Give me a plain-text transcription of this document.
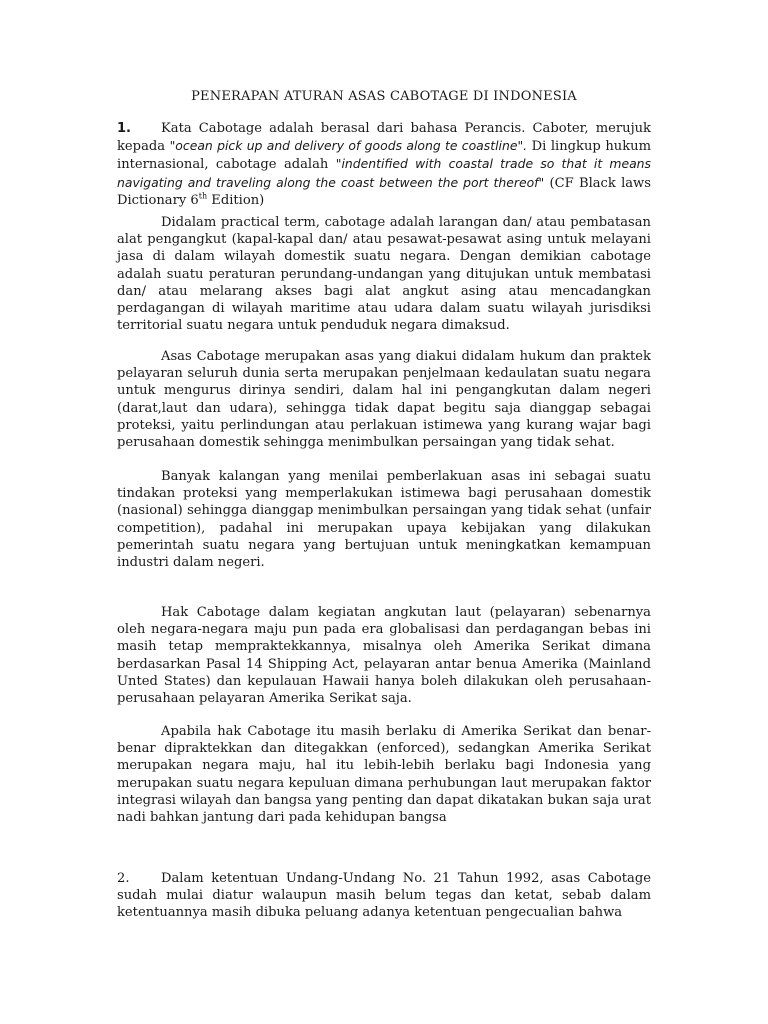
PENERAPAN ATURAN ASAS CABOTAGE DI INDONESIA

1. Kata Cabotage adalah berasal dari bahasa Perancis. Caboter, merujuk kepada "ocean pick up and delivery of goods along te coastline". Di lingkup hukum internasional, cabotage adalah "indentified with coastal trade so that it means navigating and traveling along the coast between the port thereof" (CF Black laws Dictionary 6th Edition)

Didalam practical term, cabotage adalah larangan dan/ atau pembatasan alat pengangkut (kapal-kapal dan/ atau pesawat-pesawat asing untuk melayani jasa di dalam wilayah domestik suatu negara. Dengan demikian cabotage adalah suatu peraturan perundang-undangan yang ditujukan untuk membatasi dan/ atau melarang akses bagi alat angkut asing atau mencadangkan perdagangan di wilayah maritime atau udara dalam suatu wilayah jurisdiksi territorial suatu negara untuk penduduk negara dimaksud.

Asas Cabotage merupakan asas yang diakui didalam hukum dan praktek pelayaran seluruh dunia serta merupakan penjelmaan kedaulatan suatu negara untuk mengurus dirinya sendiri, dalam hal ini pengangkutan dalam negeri (darat,laut dan udara), sehingga tidak dapat begitu saja dianggap sebagai proteksi, yaitu perlindungan atau perlakuan istimewa yang kurang wajar bagi perusahaan domestik sehingga menimbulkan persaingan yang tidak sehat.

Banyak kalangan yang menilai pemberlakuan asas ini sebagai suatu tindakan proteksi yang memperlakukan istimewa bagi perusahaan domestik (nasional) sehingga dianggap menimbulkan persaingan yang tidak sehat (unfair competition), padahal ini merupakan upaya kebijakan yang dilakukan pemerintah suatu negara yang bertujuan untuk meningkatkan kemampuan industri dalam negeri.

Hak Cabotage dalam kegiatan angkutan laut (pelayaran) sebenarnya oleh negara-negara maju pun pada era globalisasi dan perdagangan bebas ini masih tetap mempraktekkannya, misalnya oleh Amerika Serikat dimana berdasarkan Pasal 14 Shipping Act, pelayaran antar benua Amerika (Mainland Unted States) dan kepulauan Hawaii hanya boleh dilakukan oleh perusahaan-perusahaan pelayaran Amerika Serikat saja.

Apabila hak Cabotage itu masih berlaku di Amerika Serikat dan benar-benar dipraktekkan dan ditegakkan (enforced), sedangkan Amerika Serikat merupakan negara maju, hal itu lebih-lebih berlaku bagi Indonesia yang merupakan suatu negara kepuluan dimana perhubungan laut merupakan faktor integrasi wilayah dan bangsa yang penting dan dapat dikatakan bukan saja urat nadi bahkan jantung dari pada kehidupan bangsa

2. Dalam ketentuan Undang-Undang No. 21 Tahun 1992, asas Cabotage sudah mulai diatur walaupun masih belum tegas dan ketat, sebab dalam ketentuannya masih dibuka peluang adanya ketentuan pengecualian bahwa
